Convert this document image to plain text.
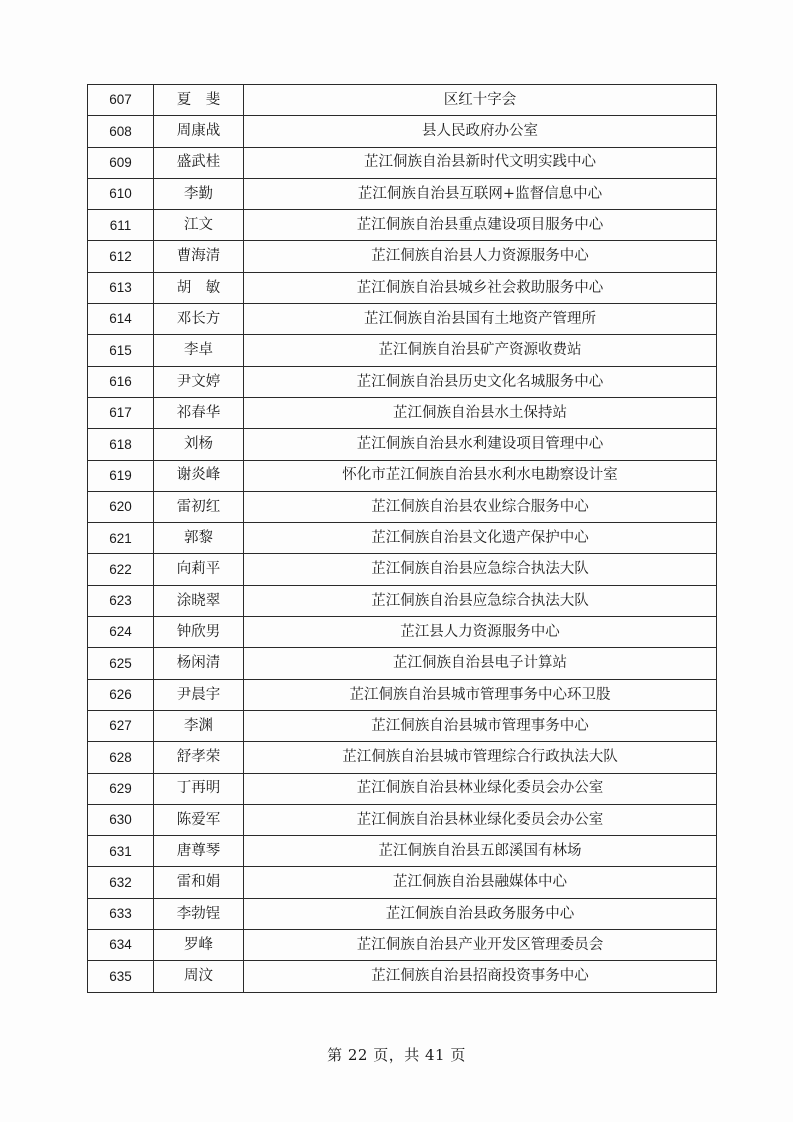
607	夏　斐	区红十字会
608	周康战	县人民政府办公室
609	盛武桂	芷江侗族自治县新时代文明实践中心
610	李勤	芷江侗族自治县互联网+监督信息中心
611	江文	芷江侗族自治县重点建设项目服务中心
612	曹海清	芷江侗族自治县人力资源服务中心
613	胡　敏	芷江侗族自治县城乡社会救助服务中心
614	邓长方	芷江侗族自治县国有土地资产管理所
615	李卓	芷江侗族自治县矿产资源收费站
616	尹文婷	芷江侗族自治县历史文化名城服务中心
617	祁春华	芷江侗族自治县水土保持站
618	刘杨	芷江侗族自治县水利建设项目管理中心
619	谢炎峰	怀化市芷江侗族自治县水利水电勘察设计室
620	雷初红	芷江侗族自治县农业综合服务中心
621	郭黎	芷江侗族自治县文化遗产保护中心
622	向莉平	芷江侗族自治县应急综合执法大队
623	涂晓翠	芷江侗族自治县应急综合执法大队
624	钟欣男	芷江县人力资源服务中心
625	杨闲清	芷江侗族自治县电子计算站
626	尹晨宇	芷江侗族自治县城市管理事务中心环卫股
627	李渊	芷江侗族自治县城市管理事务中心
628	舒孝荣	芷江侗族自治县城市管理综合行政执法大队
629	丁再明	芷江侗族自治县林业绿化委员会办公室
630	陈爱军	芷江侗族自治县林业绿化委员会办公室
631	唐尊琴	芷江侗族自治县五郎溪国有林场
632	雷和娟	芷江侗族自治县融媒体中心
633	李勃锃	芷江侗族自治县政务服务中心
634	罗峰	芷江侗族自治县产业开发区管理委员会
635	周汶	芷江侗族自治县招商投资事务中心
第 22 页，共 41 页
